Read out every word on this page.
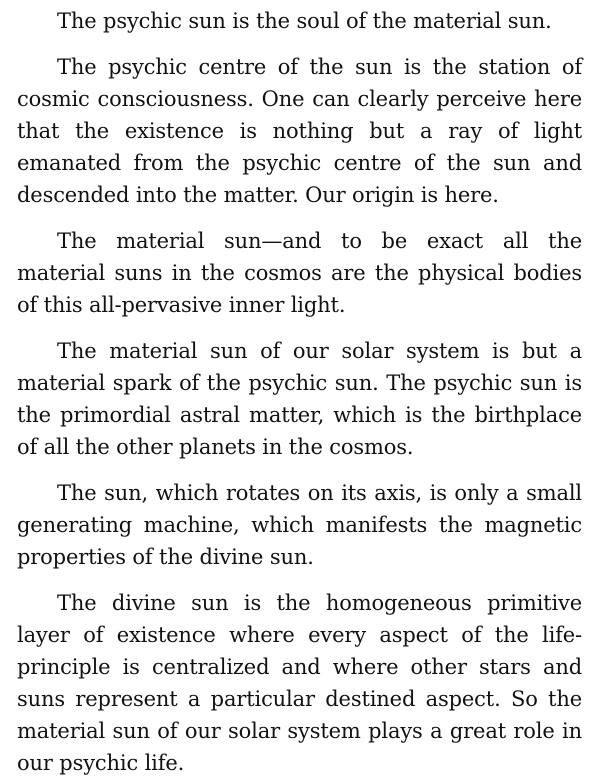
The psychic sun is the soul of the material sun.

The psychic centre of the sun is the station of cosmic consciousness. One can clearly perceive here that the existence is nothing but a ray of light emanated from the psychic centre of the sun and descended into the matter. Our origin is here.

The material sun—and to be exact all the material suns in the cosmos are the physical bodies of this all-pervasive inner light.

The material sun of our solar system is but a material spark of the psychic sun. The psychic sun is the primordial astral matter, which is the birthplace of all the other planets in the cosmos.

The sun, which rotates on its axis, is only a small generating machine, which manifests the magnetic properties of the divine sun.

The divine sun is the homogeneous primitive layer of existence where every aspect of the life-principle is centralized and where other stars and suns represent a particular destined aspect. So the material sun of our solar system plays a great role in our psychic life.
